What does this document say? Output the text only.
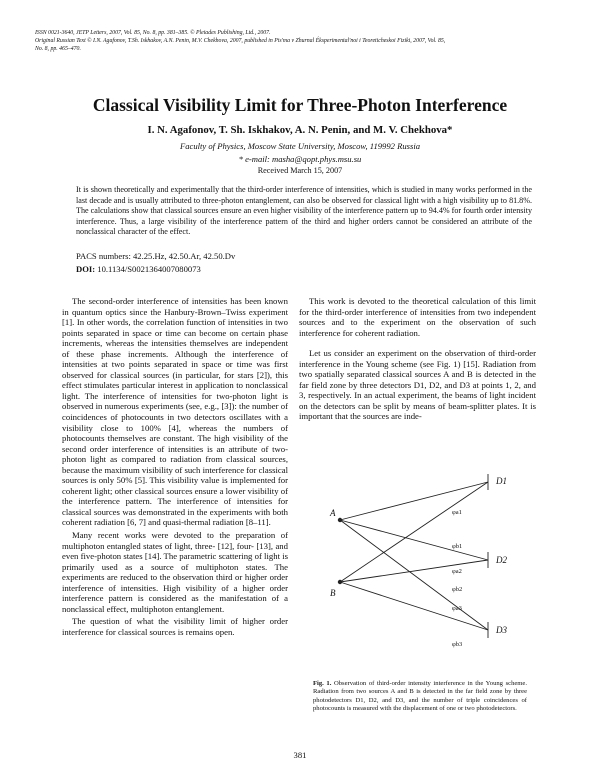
ISSN 0021-3640, JETP Letters, 2007, Vol. 85, No. 8, pp. 381–385. © Pleiades Publishing, Ltd., 2007.
Original Russian Text © I.N. Agafonov, T.Sh. Iskhakov, A.N. Penin, M.V. Chekhova, 2007, published in Pis'ma v Zhurnal Éksperimental'noi i Teoreticheskoi Fiziki, 2007, Vol. 85,
No. 8, pp. 465–470.
Classical Visibility Limit for Three-Photon Interference
I. N. Agafonov, T. Sh. Iskhakov, A. N. Penin, and M. V. Chekhova*
Faculty of Physics, Moscow State University, Moscow, 119992 Russia
* e-mail: masha@qopt.phys.msu.su
Received March 15, 2007
It is shown theoretically and experimentally that the third-order interference of intensities, which is studied in many works performed in the last decade and is usually attributed to three-photon entanglement, can also be observed for classical light with a high visibility up to 81.8%. The calculations show that classical sources ensure an even higher visibility of the interference pattern up to 94.4% for fourth order intensity interference. Thus, a large visibility of the interference pattern of the third and higher orders cannot be considered an attribute of the nonclassical character of the effect.
PACS numbers: 42.25.Hz, 42.50.Ar, 42.50.Dv
DOI: 10.1134/S0021364007080073

The second-order interference of intensities has been known in quantum optics since the Hanbury-Brown–Twiss experiment [1]. In other words, the correlation function of intensities in two points separated in space or time can become on certain phase increments, whereas the intensities themselves are independent of these phase increments. Although the interference of intensities at two points separated in space or time was first observed for classical sources (in particular, for stars [2]), this effect stimulates particular interest in application to nonclassical light. The interference of intensities for two-photon light is observed in numerous experiments (see, e.g., [3]): the number of coincidences of photocounts in two detectors oscillates with a visibility close to 100% [4], whereas the numbers of photocounts themselves are constant. The high visibility of the second order interference of intensities is an attribute of two-photon light as compared to radiation from classical sources, because the maximum visibility of such interference for classical sources is only 50% [5]. This visibility value is implemented for coherent light; other classical sources ensure a lower visibility of the interference pattern. The interference of intensities for classical sources was demonstrated in the experiments with both coherent radiation [6, 7] and quasi-thermal radiation [8–11].

Many recent works were devoted to the preparation of multiphoton entangled states of light, three- [12], four- [13], and even five-photon states [14]. The parametric scattering of light is primarily used as a source of multiphoton states. The experiments are reduced to the observation third or higher order interference of intensities. High visibility of a higher order interference pattern is considered as the manifestation of a nonclassical effect, multiphoton entanglement.

The question of what the visibility limit of higher order interference for classical sources is remains open.

This work is devoted to the theoretical calculation of this limit for the third-order interference of intensities from two independent sources and to the experiment on the observation of such interference for coherent radiation.

Let us consider an experiment on the observation of third-order interference in the Young scheme (see Fig. 1) [15]. Radiation from two spatially separated classical sources A and B is detected in the far field zone by three detectors D1, D2, and D3 at points 1, 2, and 3, respectively. In an actual experiment, the beams of light incident on the detectors can be split by means of beam-splitter plates. It is important that the sources are inde-

A
B
D1
D2
D3
φa1
φb1
φa2
φb2
φa3
φb3
Fig. 1. Observation of third-order intensity interference in the Young scheme. Radiation from two sources A and B is detected in the far field zone by three photodetectors D1, D2, and D3, and the number of triple coincidences of photocounts is measured with the displacement of one or two photodetectors.
381
